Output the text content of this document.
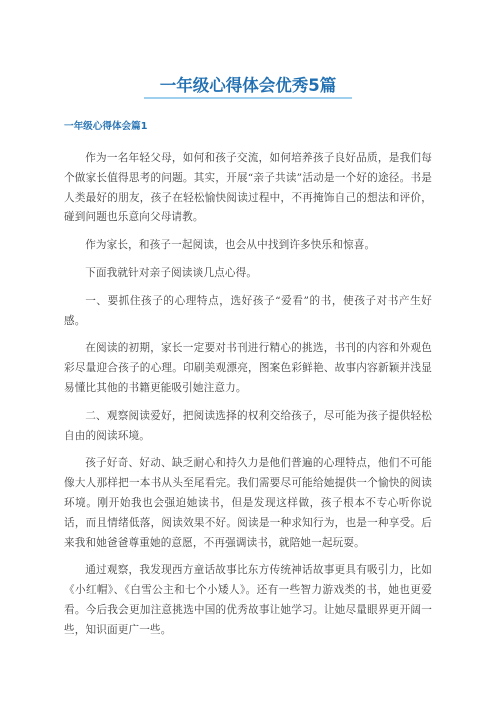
一年级心得体会优秀5篇
一年级心得体会篇1

作为一名年轻父母，如何和孩子交流，如何培养孩子良好品质，是我们每个做家长值得思考的问题。其实，开展“亲子共读”活动是一个好的途径。书是人类最好的朋友，孩子在轻松愉快阅读过程中，不再掩饰自己的想法和评价，碰到问题也乐意向父母请教。

作为家长，和孩子一起阅读，也会从中找到许多快乐和惊喜。

下面我就针对亲子阅读谈几点心得。

一、要抓住孩子的心理特点，选好孩子“爱看”的书，使孩子对书产生好感。

在阅读的初期，家长一定要对书刊进行精心的挑选，书刊的内容和外观色彩尽量迎合孩子的心理。印刷美观漂亮，图案色彩鲜艳、故事内容新颖并浅显易懂比其他的书籍更能吸引她注意力。

二、观察阅读爱好，把阅读选择的权利交给孩子，尽可能为孩子提供轻松自由的阅读环境。

孩子好奇、好动、缺乏耐心和持久力是他们普遍的心理特点，他们不可能像大人那样把一本书从头至尾看完。我们需要尽可能给她提供一个愉快的阅读环境。刚开始我也会强迫她读书，但是发现这样做，孩子根本不专心听你说话，而且情绪低落，阅读效果不好。阅读是一种求知行为，也是一种享受。后来我和她爸爸尊重她的意愿，不再强调读书，就陪她一起玩耍。

通过观察，我发现西方童话故事比东方传统神话故事更具有吸引力，比如《小红帽》、《白雪公主和七个小矮人》。还有一些智力游戏类的书，她也更爱看。今后我会更加注意挑选中国的优秀故事让她学习。让她尽量眼界更开阔一些，知识面更广一些。
